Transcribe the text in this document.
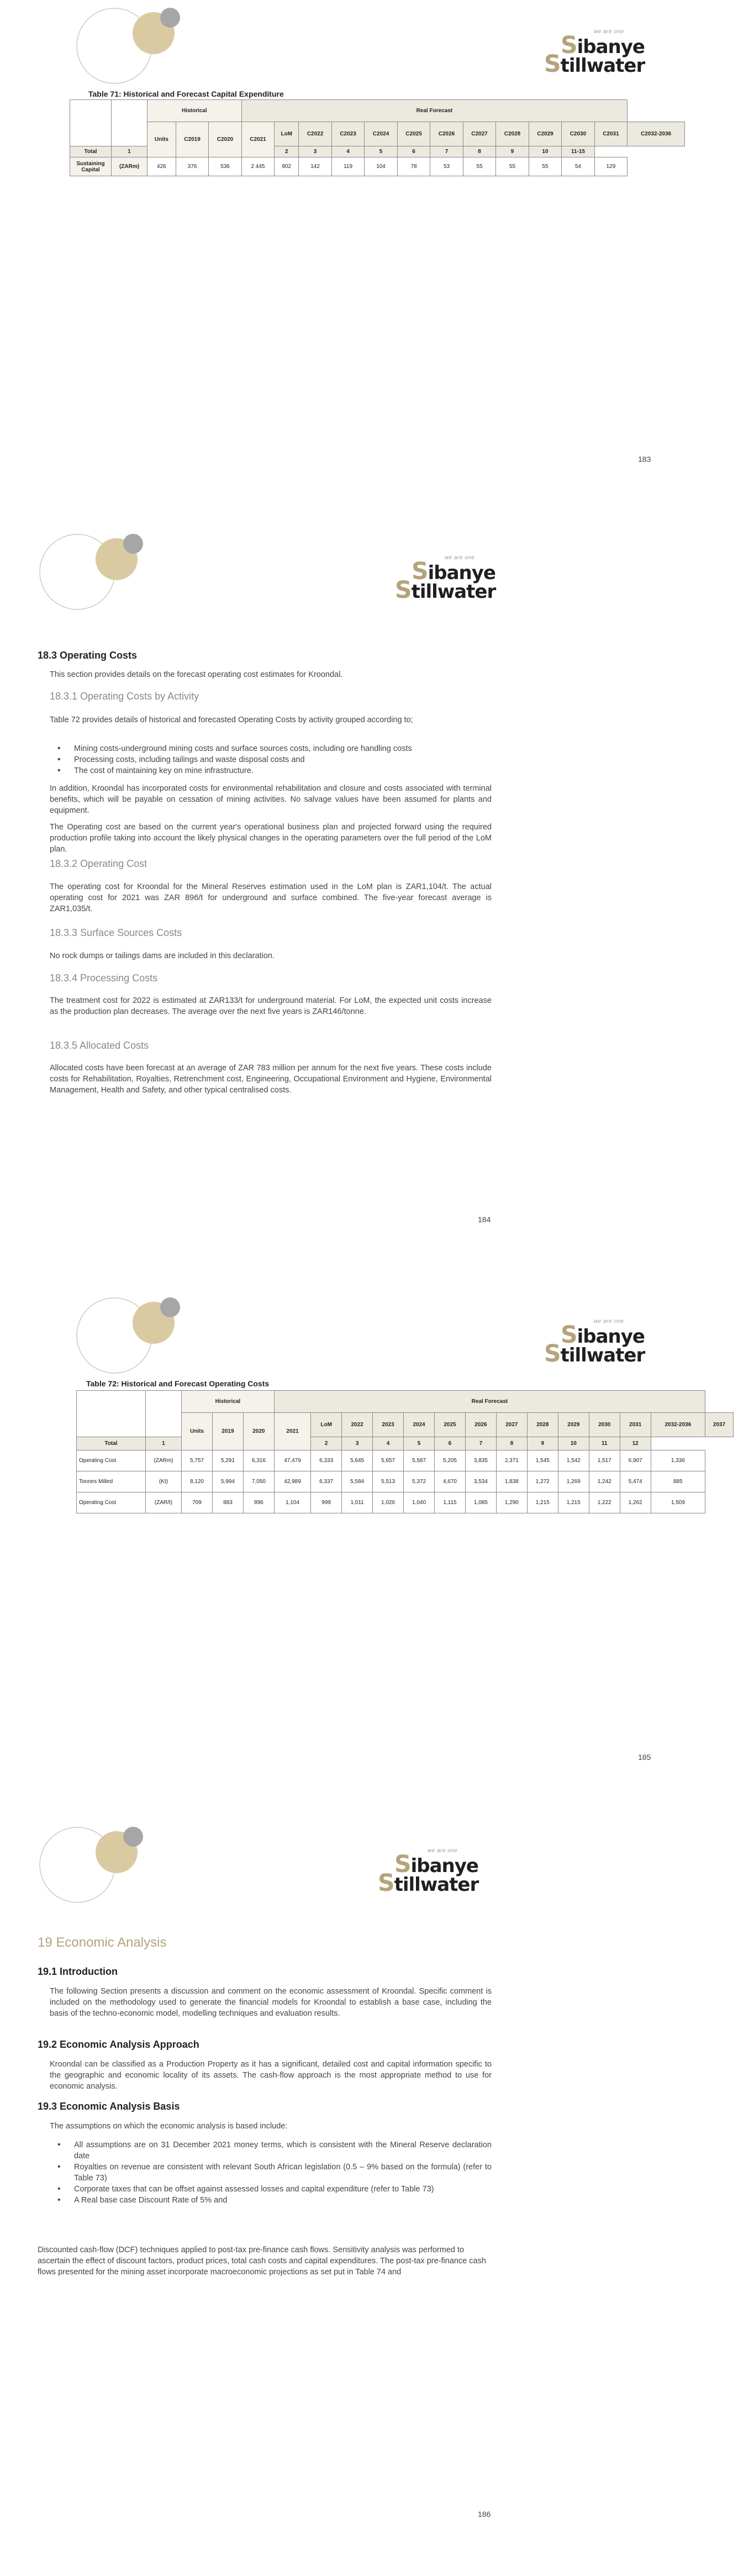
we are one
Sibanye
Stillwater
Table 71: Historical and Forecast Capital Expenditure
		Historical			Real Forecast												
		Units	C2019	C2020	C2021	LoM	C2022	C2023	C2024	C2025	C2026	C2027	C2028	C2029	C2030	C2031	C2032-2036
Total	1					2	3	4	5	6	7	8	9	10	11-15		
Sustaining Capital	(ZARm)	426	376	536	2 445	802	142	119	104	78	53	55	55	55	54	129	
183
we are one
Sibanye
Stillwater
18.3 Operating Costs
This section provides details on the forecast operating cost estimates for Kroondal.
18.3.1 Operating Costs by Activity
Table 72 provides details of historical and forecasted Operating Costs by activity grouped according to;
• Mining costs-underground mining costs and surface sources costs, including ore handling costs
• Processing costs, including tailings and waste disposal costs and
• The cost of maintaining key on mine infrastructure.
In addition, Kroondal has incorporated costs for environmental rehabilitation and closure and costs associated with terminal benefits, which will be payable on cessation of mining activities. No salvage values have been assumed for plants and equipment.
The Operating cost are based on the current year's operational business plan and projected forward using the required production profile taking into account the likely physical changes in the operating parameters over the full period of the LoM plan.
18.3.2 Operating Cost
The operating cost for Kroondal for the Mineral Reserves estimation used in the LoM plan is ZAR1,104/t. The actual operating cost for 2021 was ZAR 896/t for underground and surface combined. The five-year forecast average is ZAR1,035/t.
18.3.3 Surface Sources Costs
No rock dumps or tailings dams are included in this declaration.
18.3.4 Processing Costs
The treatment cost for 2022 is estimated at ZAR133/t for underground material. For LoM, the expected unit costs increase as the production plan decreases. The average over the next five years is ZAR146/tonne.
18.3.5 Allocated Costs
Allocated costs have been forecast at an average of ZAR 783 million per annum for the next five years. These costs include costs for Rehabilitation, Royalties, Retrenchment cost, Engineering, Occupational Environment and Hygiene, Environmental Management, Health and Safety, and other typical centralised costs.
184
we are one
Sibanye
Stillwater
Table 72: Historical and Forecast Operating Costs
		Historical			Real Forecast													
		Units	2019	2020	2021	LoM	2022	2023	2024	2025	2026	2027	2028	2029	2030	2031	2032-2036	2037
Total	1					2	3	4	5	6	7	8	9	10	11	12		
Operating Cost	(ZARm)	5,757	5,291	6,316	47,479	6,333	5,645	5,657	5,587	5,205	3,835	2,371	1,545	1,542	1,517	6,907	1,336	
Tonnes Milled	(Kt)	8,120	5,994	7,050	42,989	6,337	5,584	5,513	5,372	4,670	3,534	1,838	1,272	1,269	1,242	5,474	885	
Operating Cost	(ZAR/t)	709	883	896	1,104	999	1,011	1,026	1,040	1,115	1,085	1,290	1,215	1,215	1,222	1,262	1,509	
185
we are one
Sibanye
Stillwater
19 Economic Analysis
19.1 Introduction
The following Section presents a discussion and comment on the economic assessment of Kroondal. Specific comment is included on the methodology used to generate the financial models for Kroondal to establish a base case, including the basis of the techno-economic model, modelling techniques and evaluation results.
19.2 Economic Analysis Approach
Kroondal can be classified as a Production Property as it has a significant, detailed cost and capital information specific to the geographic and economic locality of its assets. The cash-flow approach is the most appropriate method to use for economic analysis.
19.3 Economic Analysis Basis
The assumptions on which the economic analysis is based include:
• All assumptions are on 31 December 2021 money terms, which is consistent with the Mineral Reserve declaration date
• Royalties on revenue are consistent with relevant South African legislation (0.5 – 9% based on the formula) (refer to Table 73)
• Corporate taxes that can be offset against assessed losses and capital expenditure (refer to Table 73)
• A Real base case Discount Rate of 5% and
Discounted cash-flow (DCF) techniques applied to post-tax pre-finance cash flows. Sensitivity analysis was performed to ascertain the effect of discount factors, product prices, total cash costs and capital expenditures. The post-tax pre-finance cash flows presented for the mining asset incorporate macroeconomic projections as set put in Table 74 and
186
